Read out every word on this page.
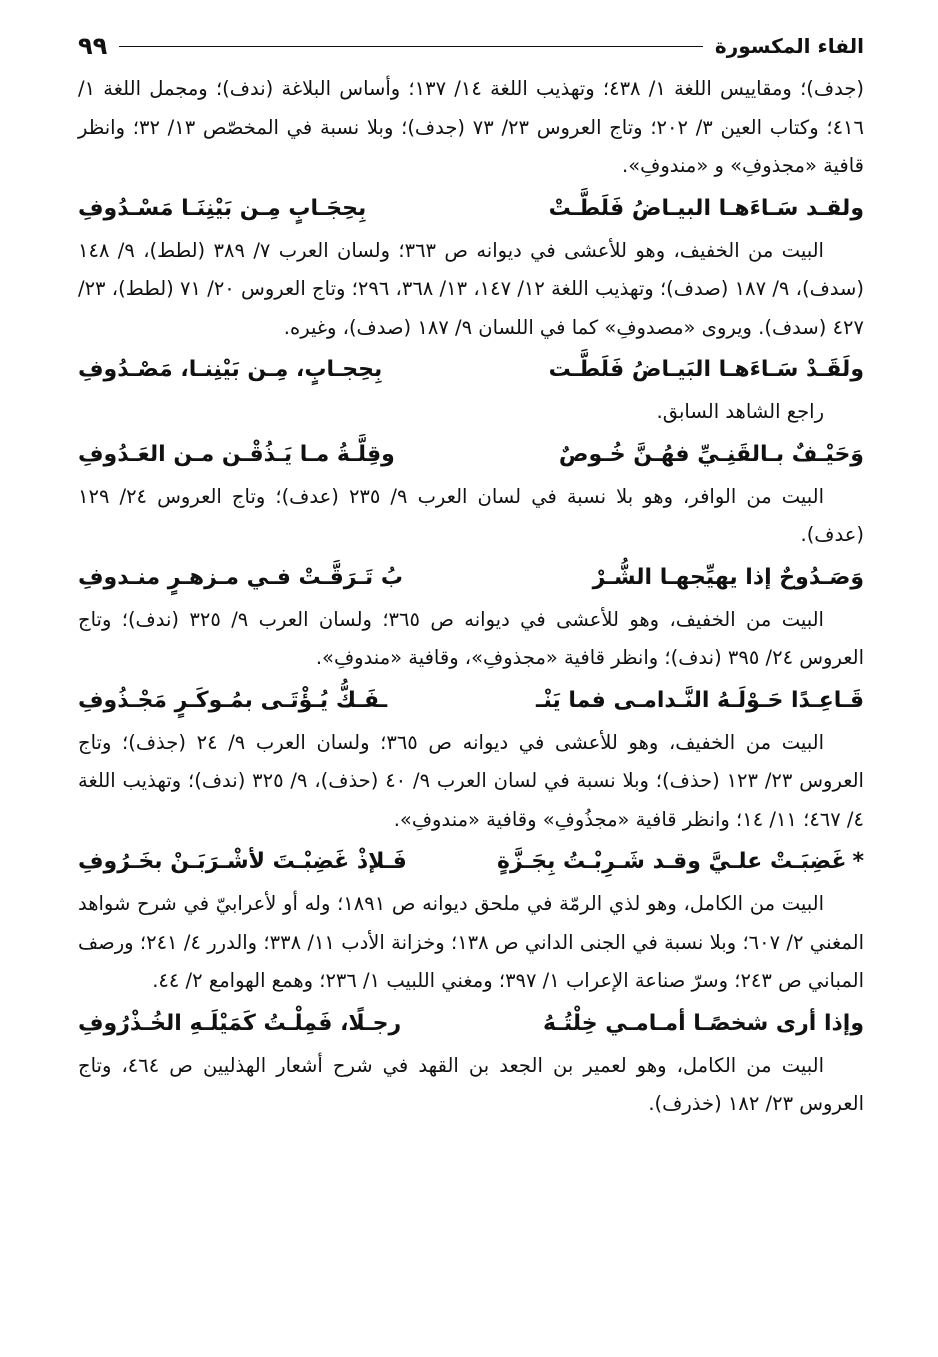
الفاء المكسورة
٩٩

(جدف)؛ ومقاييس اللغة ١/ ٤٣٨؛ وتهذيب اللغة ١٤/ ١٣٧؛ وأساس البلاغة (ندف)؛ ومجمل اللغة ١/ ٤١٦؛ وكتاب العين ٣/ ٢٠٢؛ وتاج العروس ٢٣/ ٧٣ (جدف)؛ وبلا نسبة في المخصّص ١٣/ ٣٢؛ وانظر قافية «مجذوفِ» و «مندوفِ».

ولقـد سَـاءَهـا البيـاضُ فَلَطَّـتْ
بِحِجَـابٍ مِـن بَيْنِنَـا مَسْـدُوفِ

البيت من الخفيف، وهو للأعشى في ديوانه ص ٣٦٣؛ ولسان العرب ٧/ ٣٨٩ (لطط)، ٩/ ١٤٨ (سدف)، ٩/ ١٨٧ (صدف)؛ وتهذيب اللغة ١٢/ ١٤٧، ١٣/ ٣٦٨، ٢٩٦؛ وتاج العروس ٢٠/ ٧١ (لطط)، ٢٣/ ٤٢٧ (سدف). ويروى «مصدوفِ» كما في اللسان ٩/ ١٨٧ (صدف)، وغيره.

ولَقَـدْ سَـاءَهـا البَيـاضُ فَلَطَّـت
بِحِجـابٍ، مِـن بَيْنِنـا، مَصْـدُوفِ

راجع الشاهد السابق.

وَحَيْـفٌ بـالقَنِـيِّ فهُـنَّ خُـوصٌ
وقِلَّـةُ مـا يَـذُقْـن مـن العَـدُوفِ

البيت من الوافر، وهو بلا نسبة في لسان العرب ٩/ ٢٣٥ (عدف)؛ وتاج العروس ٢٤/ ١٢٩ (عدف).

وَصَـدُوحٌ إذا يهيِّجهـا الشُّـرْ
بُ تَـرَقَّـتْ فـي مـزهـرٍ منـدوفِ

البيت من الخفيف، وهو للأعشى في ديوانه ص ٣٦٥؛ ولسان العرب ٩/ ٣٢٥ (ندف)؛ وتاج العروس ٢٤/ ٣٩٥ (ندف)؛ وانظر قافية «مجذوفِ»، وقافية «مندوفِ».

قَـاعِـدًا حَـوْلَـهُ النَّـدامـى فما يَنْـ
ـفَـكُّ يُـؤْتَـى بمُـوكَـرٍ مَجْـذُوفِ

البيت من الخفيف، وهو للأعشى في ديوانه ص ٣٦٥؛ ولسان العرب ٩/ ٢٤ (جذف)؛ وتاج العروس ٢٣/ ١٢٣ (حذف)؛ وبلا نسبة في لسان العرب ٩/ ٤٠ (حذف)، ٩/ ٣٢٥ (ندف)؛ وتهذيب اللغة ٤/ ٤٦٧؛ ١١/ ١٤؛ وانظر قافية «مجذُوفِ» وقافية «مندوفِ».

*غَضِبَـتْ علـيَّ وقـد شَـرِبْـتُ بِجَـزَّةٍ
فَـلإذْ غَضِبْـتَ لأشْـرَبَـنْ بخَـرُوفِ

البيت من الكامل، وهو لذي الرمّة في ملحق ديوانه ص ١٨٩١؛ وله أو لأعرابيّ في شرح شواهد المغني ٢/ ٦٠٧؛ وبلا نسبة في الجنى الداني ص ١٣٨؛ وخزانة الأدب ١١/ ٣٣٨؛ والدرر ٤/ ٢٤١؛ ورصف المباني ص ٢٤٣؛ وسرّ صناعة الإعراب ١/ ٣٩٧؛ ومغني اللبيب ١/ ٢٣٦؛ وهمع الهوامع ٢/ ٤٤.

وإذا أرى شخصًـا أمـامـي خِلْتُـهُ
رجـلًا، فَمِلْـتُ كَمَيْلَـهِ الخُـذْرُوفِ

البيت من الكامل، وهو لعمير بن الجعد بن القهد في شرح أشعار الهذليين ص ٤٦٤، وتاج العروس ٢٣/ ١٨٢ (خذرف).
